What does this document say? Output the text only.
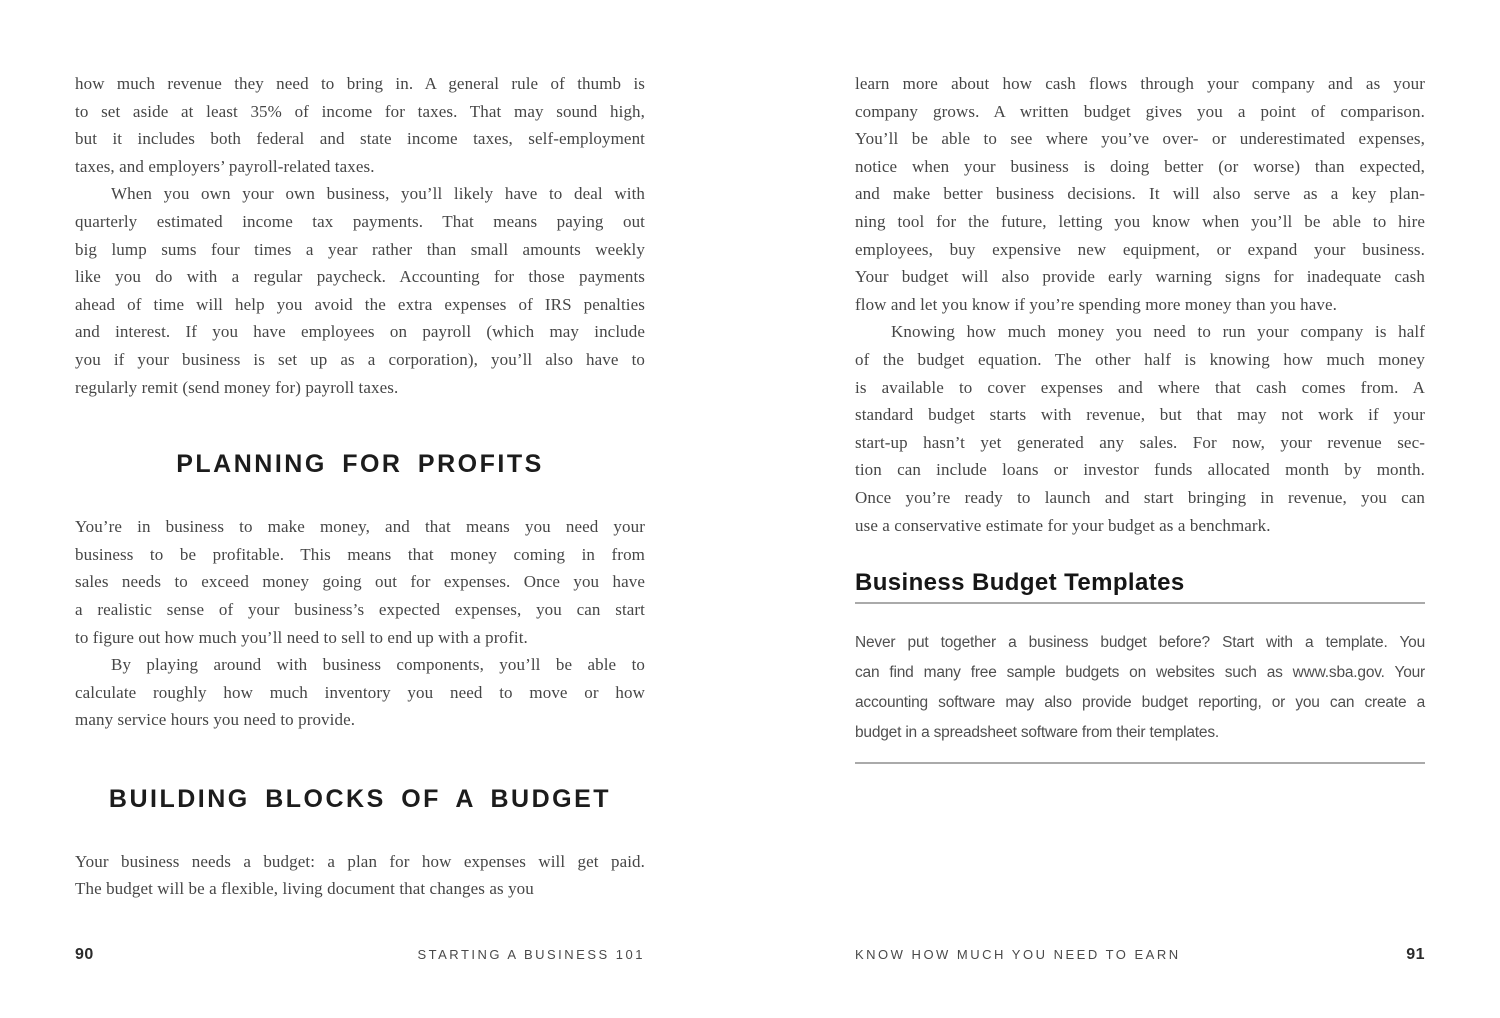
how much revenue they need to bring in. A general rule of thumb is
to set aside at least 35% of income for taxes. That may sound high,
but it includes both federal and state income taxes, self-employment
taxes, and employers’ payroll-related taxes.
When you own your own business, you’ll likely have to deal with
quarterly estimated income tax payments. That means paying out
big lump sums four times a year rather than small amounts weekly
like you do with a regular paycheck. Accounting for those payments
ahead of time will help you avoid the extra expenses of IRS penalties
and interest. If you have employees on payroll (which may include
you if your business is set up as a corporation), you’ll also have to
regularly remit (send money for) payroll taxes.
PLANNING FOR PROFITS
You’re in business to make money, and that means you need your
business to be profitable. This means that money coming in from
sales needs to exceed money going out for expenses. Once you have
a realistic sense of your business’s expected expenses, you can start
to figure out how much you’ll need to sell to end up with a profit.
By playing around with business components, you’ll be able to
calculate roughly how much inventory you need to move or how
many service hours you need to provide.
BUILDING BLOCKS OF A BUDGET
Your business needs a budget: a plan for how expenses will get paid.
The budget will be a flexible, living document that changes as you
90	STARTING A BUSINESS 101
learn more about how cash flows through your company and as your
company grows. A written budget gives you a point of comparison.
You’ll be able to see where you’ve over- or underestimated expenses,
notice when your business is doing better (or worse) than expected,
and make better business decisions. It will also serve as a key plan-
ning tool for the future, letting you know when you’ll be able to hire
employees, buy expensive new equipment, or expand your business.
Your budget will also provide early warning signs for inadequate cash
flow and let you know if you’re spending more money than you have.
Knowing how much money you need to run your company is half
of the budget equation. The other half is knowing how much money
is available to cover expenses and where that cash comes from. A
standard budget starts with revenue, but that may not work if your
start-up hasn’t yet generated any sales. For now, your revenue sec-
tion can include loans or investor funds allocated month by month.
Once you’re ready to launch and start bringing in revenue, you can
use a conservative estimate for your budget as a benchmark.
Business Budget Templates
Never put together a business budget before? Start with a template. You
can find many free sample budgets on websites such as www.sba.gov. Your
accounting software may also provide budget reporting, or you can create a
budget in a spreadsheet software from their templates.
KNOW HOW MUCH YOU NEED TO EARN	91
